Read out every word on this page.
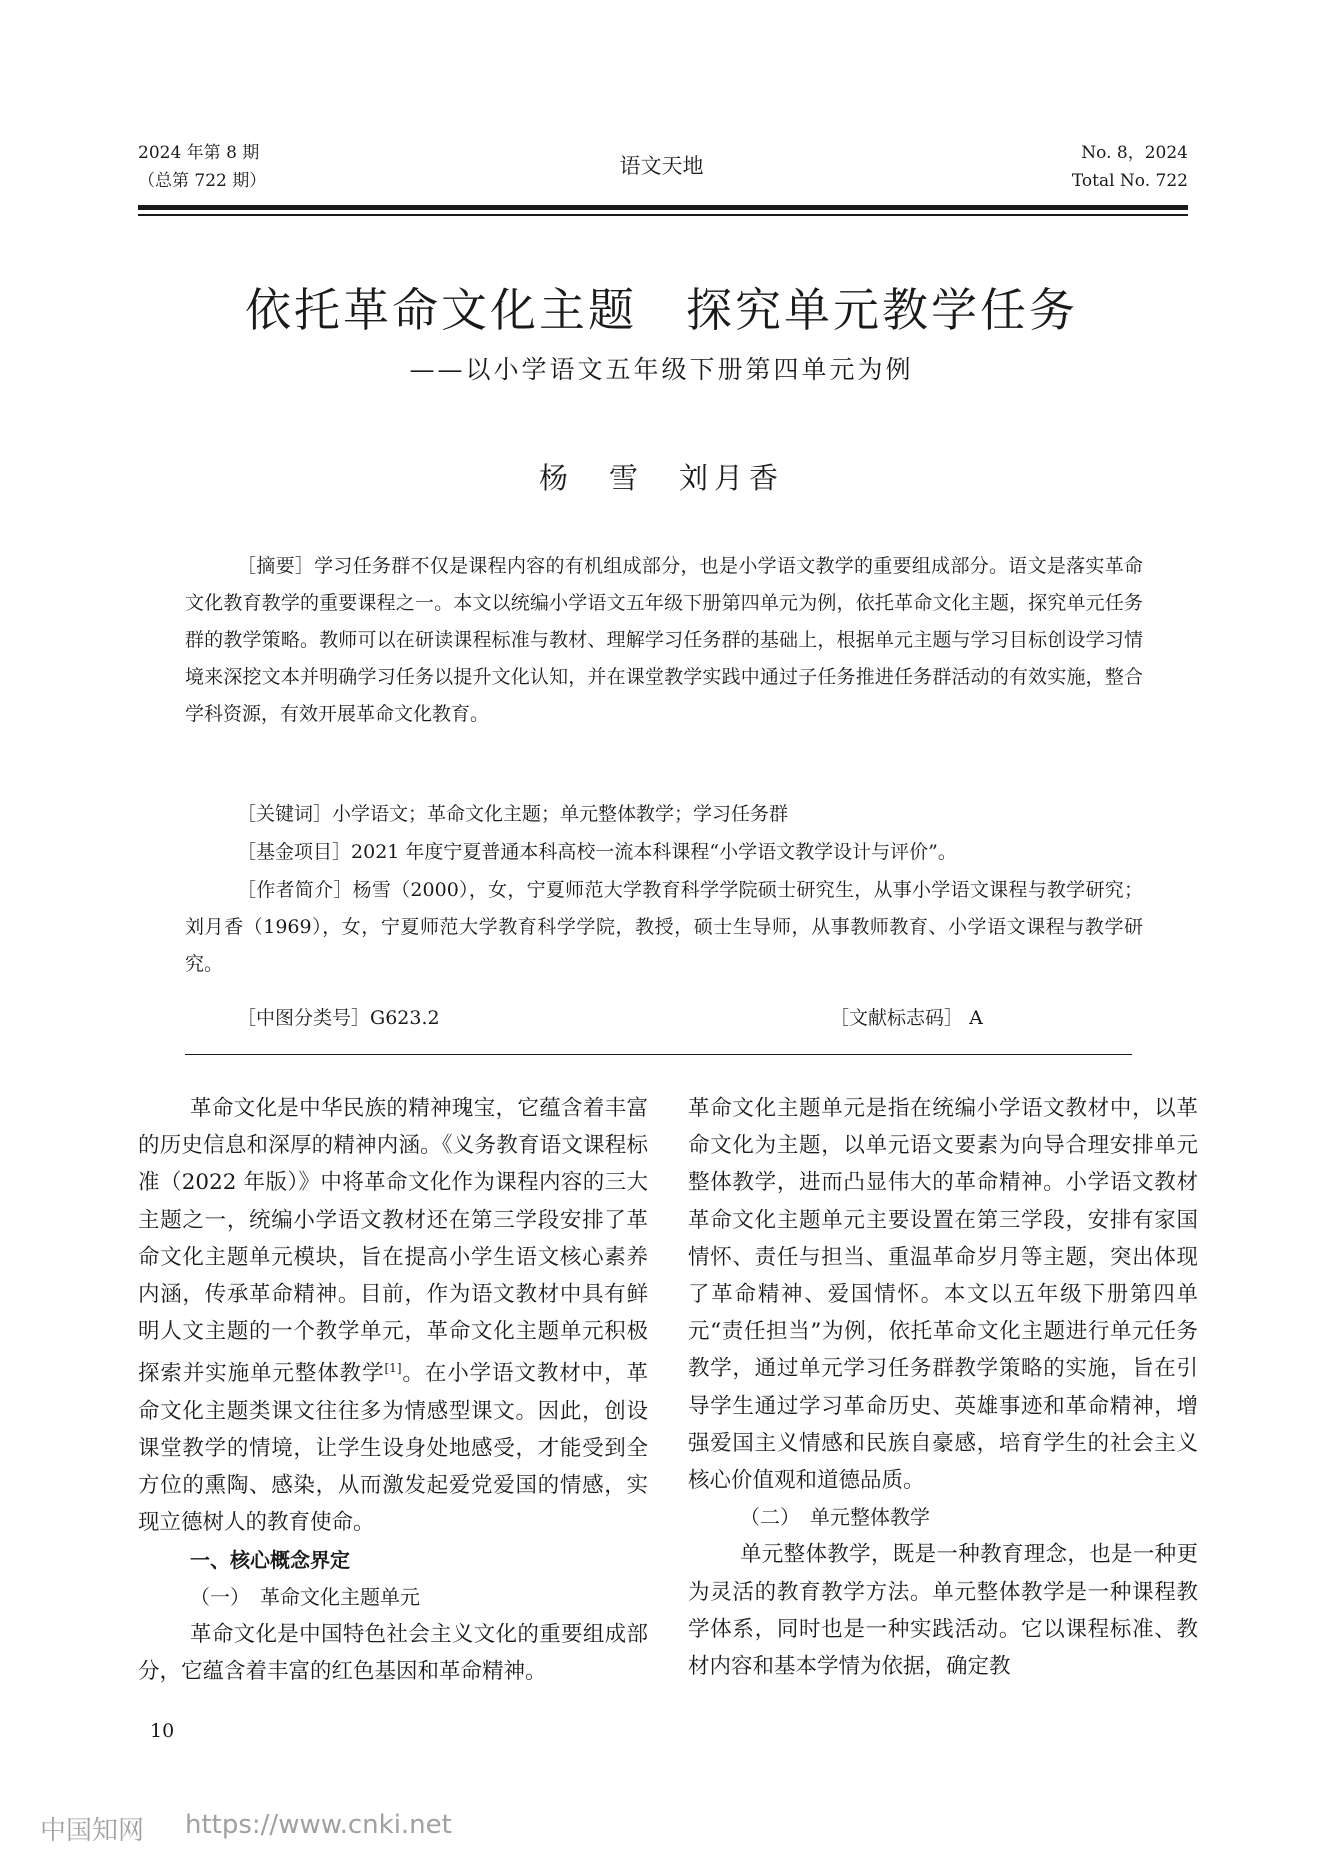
2024 年第 8 期
（总第 722 期）
语文天地
No. 8，2024
Total No. 722
依托革命文化主题　探究单元教学任务
——以小学语文五年级下册第四单元为例
杨　雪　刘月香
［摘要］学习任务群不仅是课程内容的有机组成部分，也是小学语文教学的重要组成部分。语文是落实革命文化教育教学的重要课程之一。本文以统编小学语文五年级下册第四单元为例，依托革命文化主题，探究单元任务群的教学策略。教师可以在研读课程标准与教材、理解学习任务群的基础上，根据单元主题与学习目标创设学习情境来深挖文本并明确学习任务以提升文化认知，并在课堂教学实践中通过子任务推进任务群活动的有效实施，整合学科资源，有效开展革命文化教育。
［关键词］小学语文；革命文化主题；单元整体教学；学习任务群
［基金项目］2021 年度宁夏普通本科高校一流本科课程“小学语文教学设计与评价”。
［作者简介］杨雪（2000），女，宁夏师范大学教育科学学院硕士研究生，从事小学语文课程与教学研究；刘月香（1969），女，宁夏师范大学教育科学学院，教授，硕士生导师，从事教师教育、小学语文课程与教学研究。
［中图分类号］G623.2	［文献标志码］ A

革命文化是中华民族的精神瑰宝，它蕴含着丰富的历史信息和深厚的精神内涵。《义务教育语文课程标准（2022 年版）》中将革命文化作为课程内容的三大主题之一，统编小学语文教材还在第三学段安排了革命文化主题单元模块，旨在提高小学生语文核心素养内涵，传承革命精神。目前，作为语文教材中具有鲜明人文主题的一个教学单元，革命文化主题单元积极探索并实施单元整体教学[1]。在小学语文教材中，革命文化主题类课文往往多为情感型课文。因此，创设课堂教学的情境，让学生设身处地感受，才能受到全方位的熏陶、感染，从而激发起爱党爱国的情感，实现立德树人的教育使命。

一、核心概念界定

（一）　革命文化主题单元

革命文化是中国特色社会主义文化的重要组成部分，它蕴含着丰富的红色基因和革命精神。

革命文化主题单元是指在统编小学语文教材中，以革命文化为主题，以单元语文要素为向导合理安排单元整体教学，进而凸显伟大的革命精神。小学语文教材革命文化主题单元主要设置在第三学段，安排有家国情怀、责任与担当、重温革命岁月等主题，突出体现了革命精神、爱国情怀。本文以五年级下册第四单元“责任担当”为例，依托革命文化主题进行单元任务教学，通过单元学习任务群教学策略的实施，旨在引导学生通过学习革命历史、英雄事迹和革命精神，增强爱国主义情感和民族自豪感，培育学生的社会主义核心价值观和道德品质。

（二）　单元整体教学

单元整体教学，既是一种教育理念，也是一种更为灵活的教育教学方法。单元整体教学是一种课程教学体系，同时也是一种实践活动。它以课程标准、教材内容和基本学情为依据，确定教

10
中国知网 https://www.cnki.net
